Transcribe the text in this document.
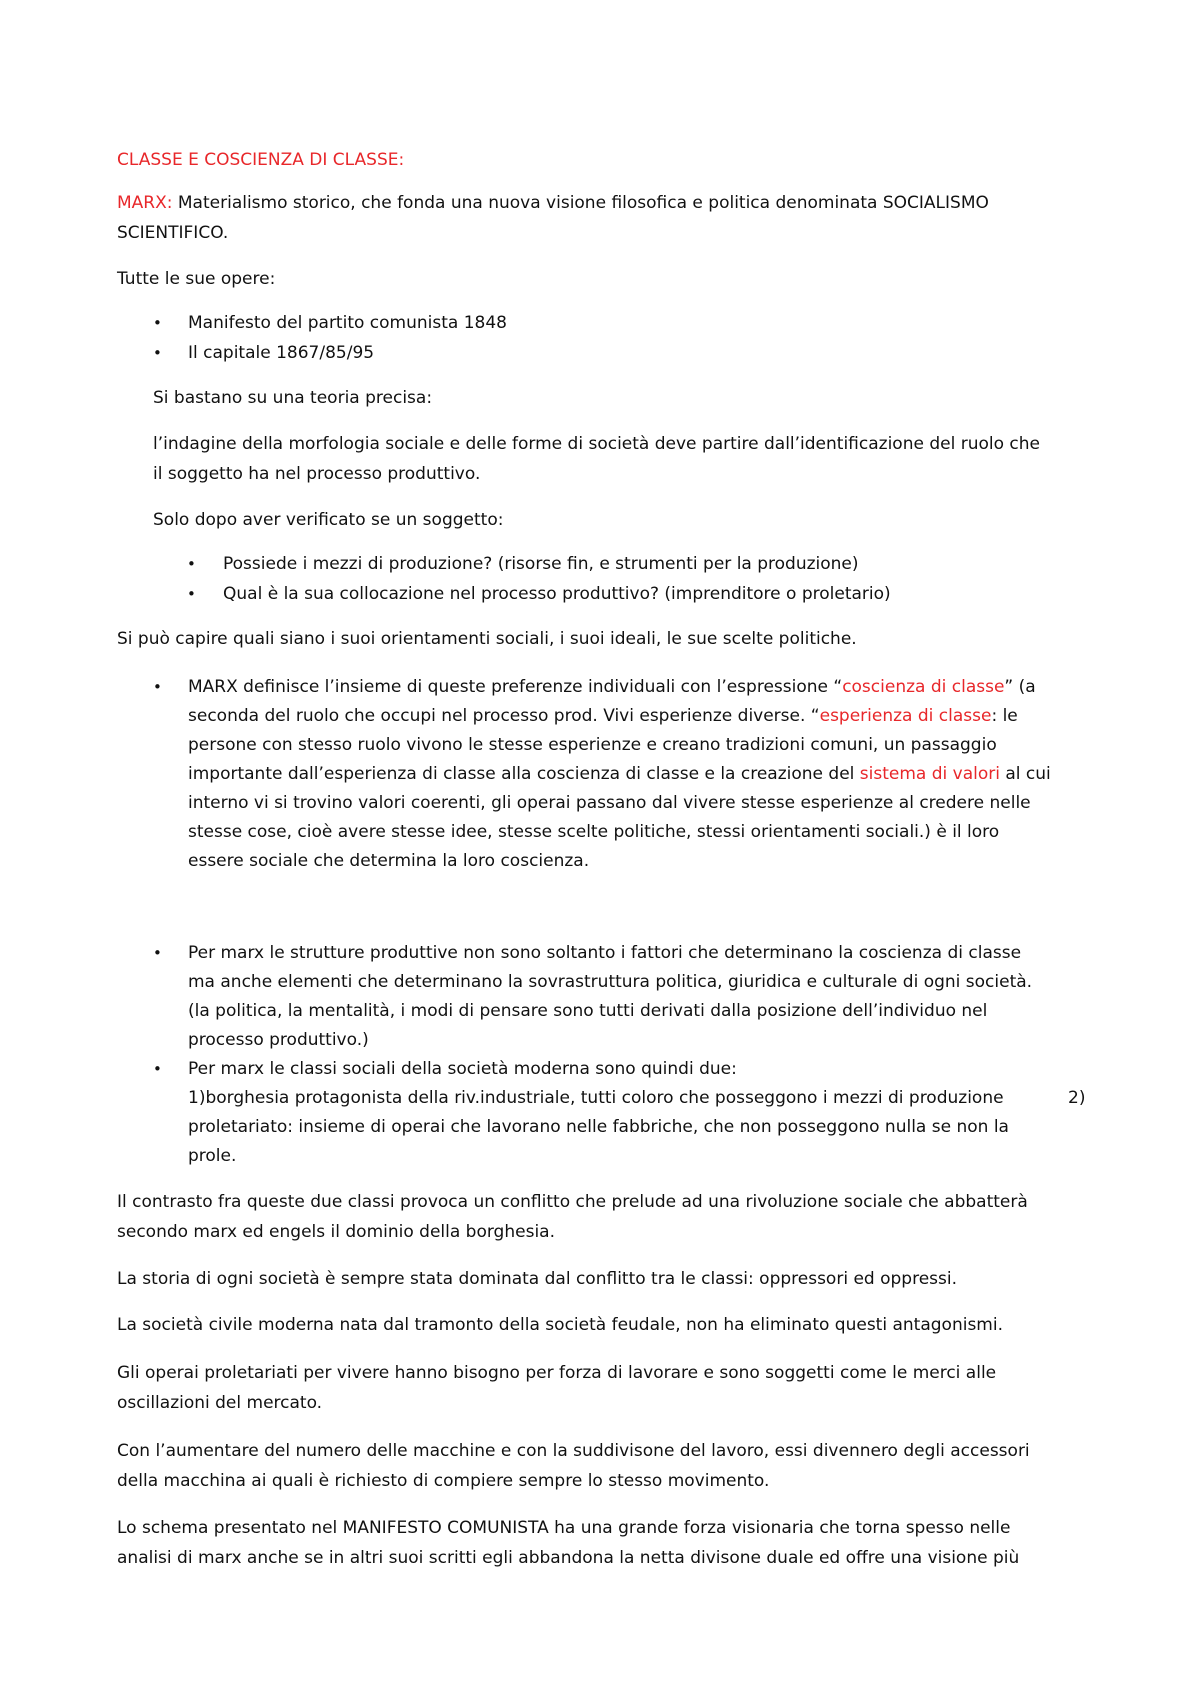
CLASSE E COSCIENZA DI CLASSE:
MARX: Materialismo storico, che fonda una nuova visione filosofica e politica denominata SOCIALISMO
SCIENTIFICO.
Tutte le sue opere:
• Manifesto del partito comunista 1848
• Il capitale 1867/85/95
Si bastano su una teoria precisa:
l’indagine della morfologia sociale e delle forme di società deve partire dall’identificazione del ruolo che
il soggetto ha nel processo produttivo.
Solo dopo aver verificato se un soggetto:
• Possiede i mezzi di produzione? (risorse fin, e strumenti per la produzione)
• Qual è la sua collocazione nel processo produttivo? (imprenditore o proletario)
Si può capire quali siano i suoi orientamenti sociali, i suoi ideali, le sue scelte politiche.
• MARX definisce l’insieme di queste preferenze individuali con l’espressione “coscienza di classe” (a
seconda del ruolo che occupi nel processo prod. Vivi esperienze diverse. “esperienza di classe: le
persone con stesso ruolo vivono le stesse esperienze e creano tradizioni comuni, un passaggio
importante dall’esperienza di classe alla coscienza di classe e la creazione del sistema di valori al cui
interno vi si trovino valori coerenti, gli operai passano dal vivere stesse esperienze al credere nelle
stesse cose, cioè avere stesse idee, stesse scelte politiche, stessi orientamenti sociali.) è il loro
essere sociale che determina la loro coscienza.
• Per marx le strutture produttive non sono soltanto i fattori che determinano la coscienza di classe
ma anche elementi che determinano la sovrastruttura politica, giuridica e culturale di ogni società.
(la politica, la mentalità, i modi di pensare sono tutti derivati dalla posizione dell’individuo nel
processo produttivo.)
• Per marx le classi sociali della società moderna sono quindi due:
1)borghesia protagonista della riv.industriale, tutti coloro che posseggono i mezzi di produzione	2)
proletariato: insieme di operai che lavorano nelle fabbriche, che non posseggono nulla se non la
prole.
Il contrasto fra queste due classi provoca un conflitto che prelude ad una rivoluzione sociale che abbatterà
secondo marx ed engels il dominio della borghesia.
La storia di ogni società è sempre stata dominata dal conflitto tra le classi: oppressori ed oppressi.
La società civile moderna nata dal tramonto della società feudale, non ha eliminato questi antagonismi.
Gli operai proletariati per vivere hanno bisogno per forza di lavorare e sono soggetti come le merci alle
oscillazioni del mercato.
Con l’aumentare del numero delle macchine e con la suddivisone del lavoro, essi divennero degli accessori
della macchina ai quali è richiesto di compiere sempre lo stesso movimento.
Lo schema presentato nel MANIFESTO COMUNISTA ha una grande forza visionaria che torna spesso nelle
analisi di marx anche se in altri suoi scritti egli abbandona la netta divisone duale ed offre una visione più
